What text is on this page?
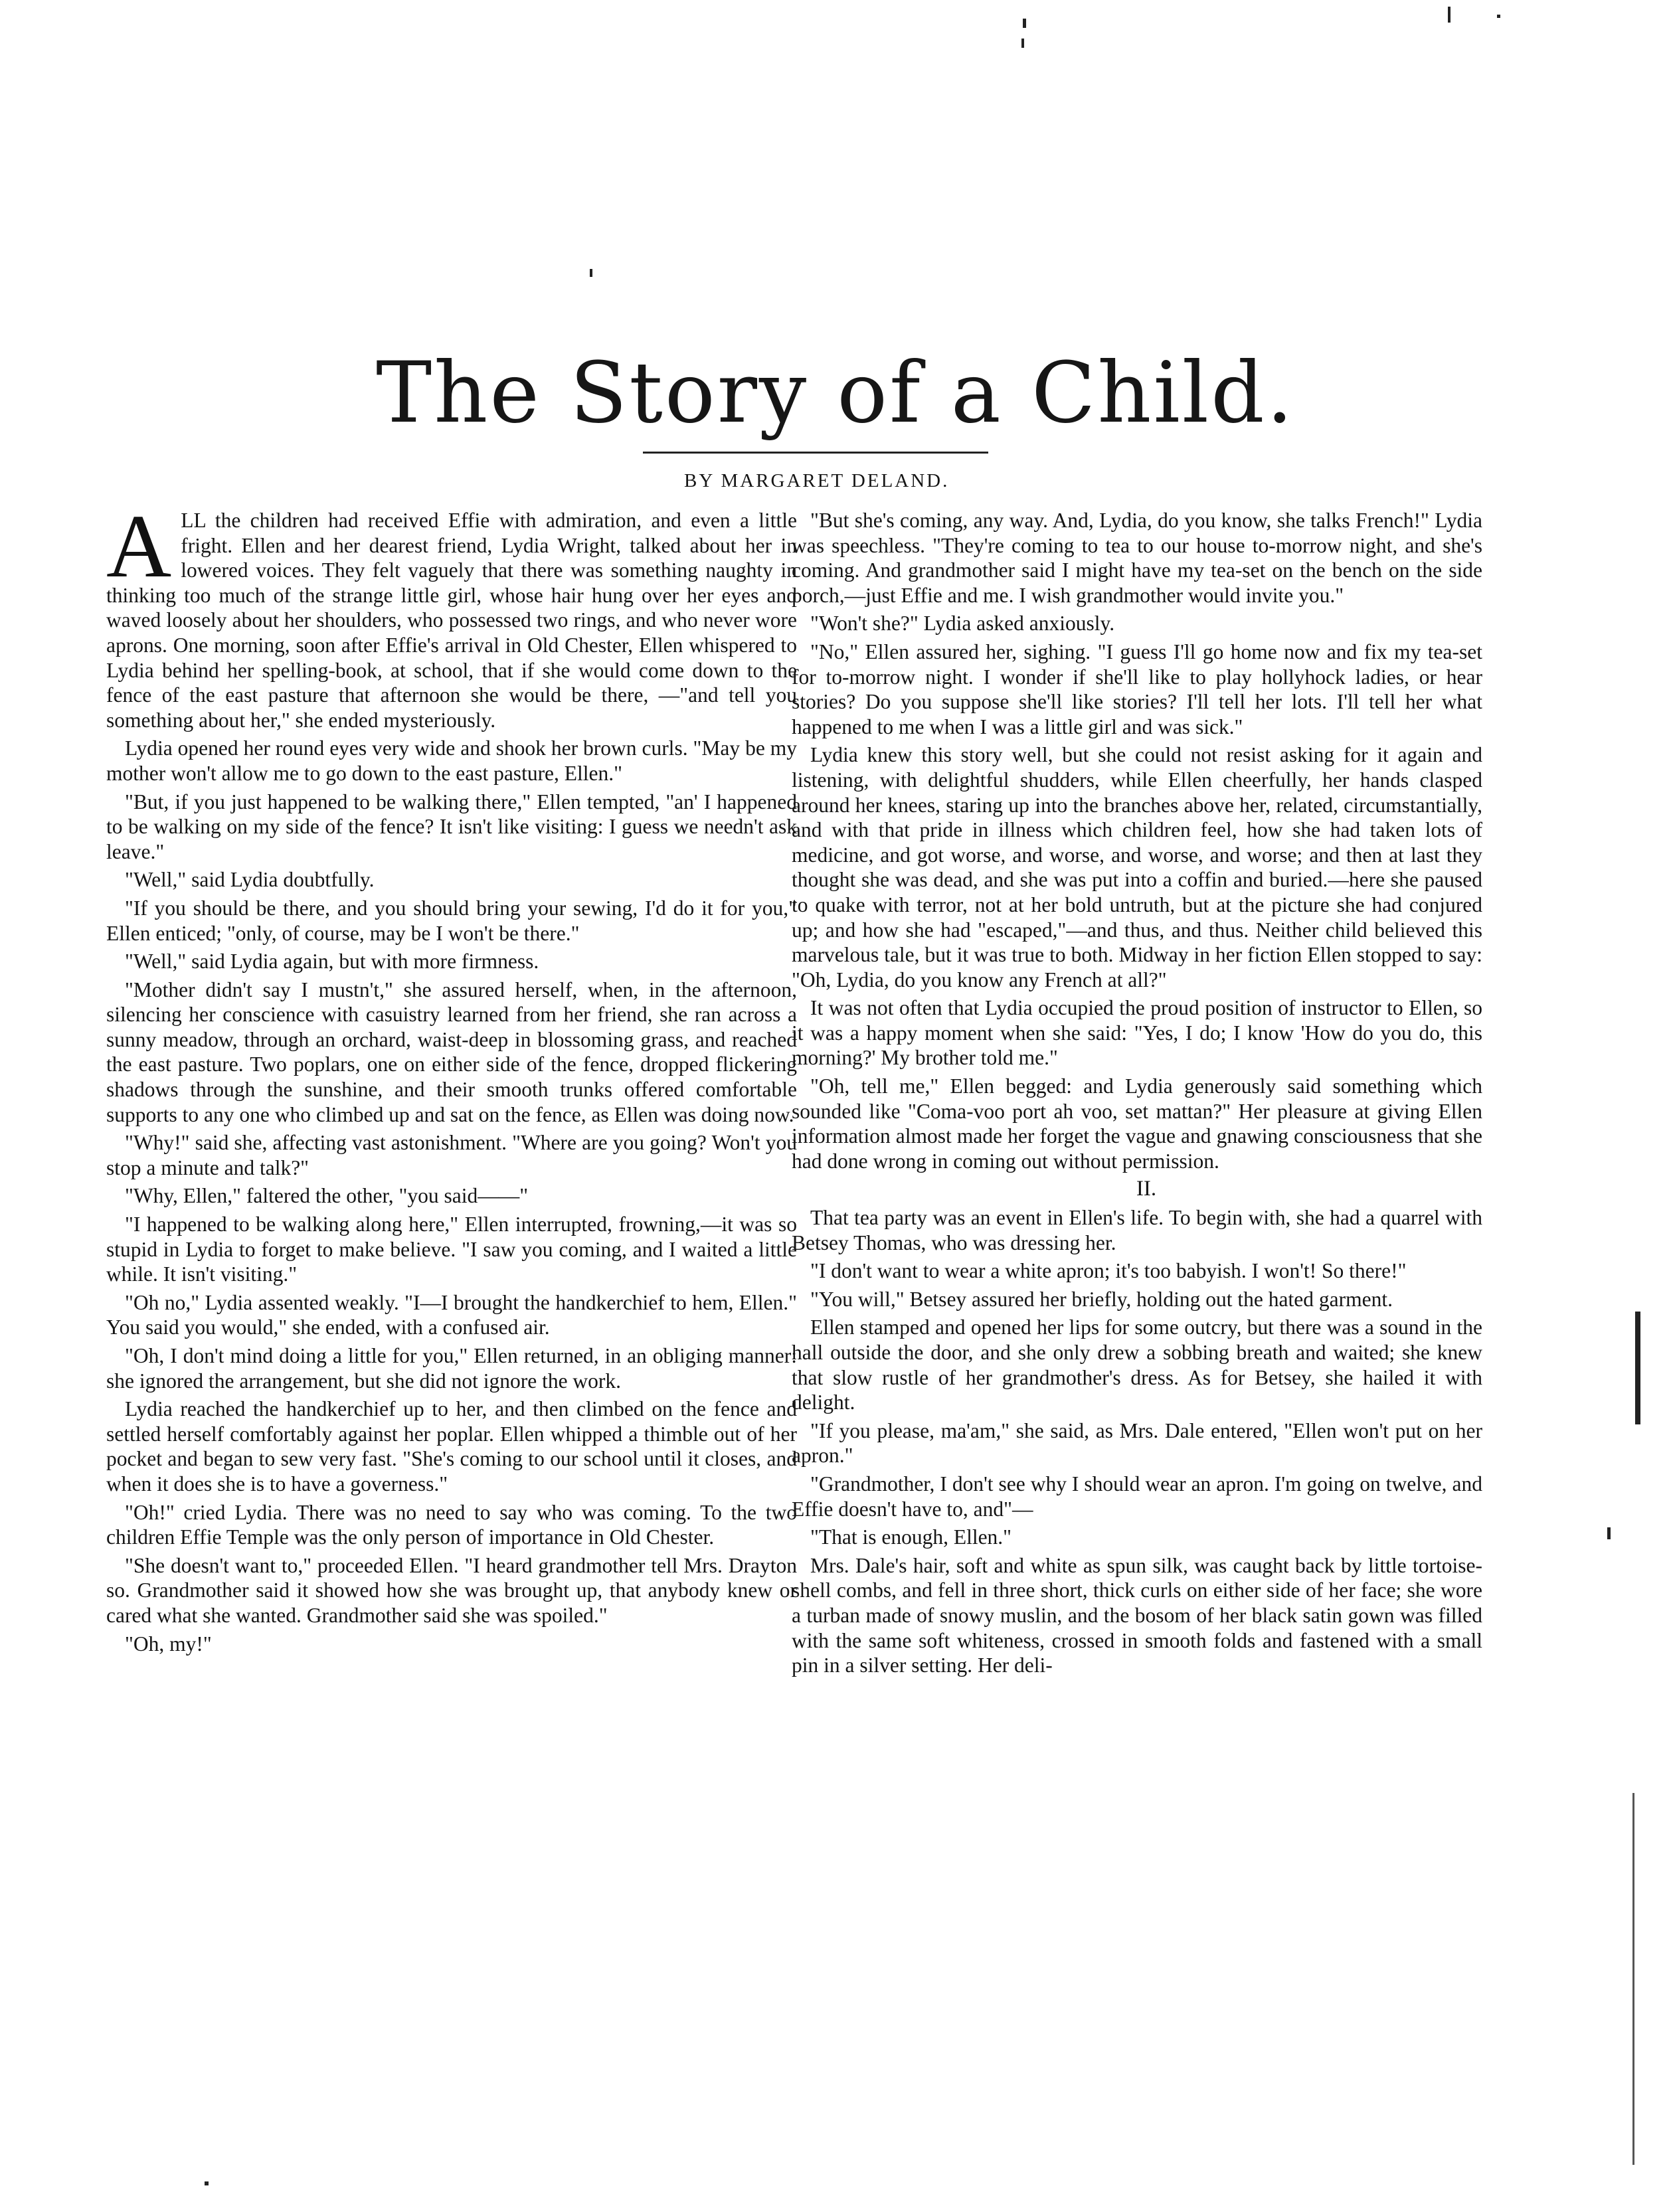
The Story of a Child.
BY MARGARET DELAND.

ALL the children had received Effie with admiration, and even a little fright. Ellen and her dearest friend, Lydia Wright, talked about her in lowered voices. They felt vaguely that there was something naughty in thinking too much of the strange little girl, whose hair hung over her eyes and waved loosely about her shoulders, who possessed two rings, and who never wore aprons. One morning, soon after Effie's arrival in Old Chester, Ellen whispered to Lydia behind her spelling-book, at school, that if she would come down to the fence of the east pasture that afternoon she would be there, —"and tell you something about her," she ended mysteriously.

Lydia opened her round eyes very wide and shook her brown curls. "May be my mother won't allow me to go down to the east pasture, Ellen."

"But, if you just happened to be walking there," Ellen tempted, "an' I happened to be walking on my side of the fence? It isn't like visiting: I guess we needn't ask leave."

"Well," said Lydia doubtfully.

"If you should be there, and you should bring your sewing, I'd do it for you," Ellen enticed; "only, of course, may be I won't be there."

"Well," said Lydia again, but with more firmness.

"Mother didn't say I mustn't," she assured herself, when, in the afternoon, silencing her conscience with casuistry learned from her friend, she ran across a sunny meadow, through an orchard, waist-deep in blossoming grass, and reached the east pasture. Two poplars, one on either side of the fence, dropped flickering shadows through the sunshine, and their smooth trunks offered comfortable supports to any one who climbed up and sat on the fence, as Ellen was doing now.

"Why!" said she, affecting vast astonishment. "Where are you going? Won't you stop a minute and talk?"

"Why, Ellen," faltered the other, "you said——"

"I happened to be walking along here," Ellen interrupted, frowning,—it was so stupid in Lydia to forget to make believe. "I saw you coming, and I waited a little while. It isn't visiting."

"Oh no," Lydia assented weakly. "I—I brought the handkerchief to hem, Ellen." You said you would," she ended, with a confused air.

"Oh, I don't mind doing a little for you," Ellen returned, in an obliging manner: she ignored the arrangement, but she did not ignore the work.

Lydia reached the handkerchief up to her, and then climbed on the fence and settled herself comfortably against her poplar. Ellen whipped a thimble out of her pocket and began to sew very fast. "She's coming to our school until it closes, and when it does she is to have a governess."

"Oh!" cried Lydia. There was no need to say who was coming. To the two children Effie Temple was the only person of importance in Old Chester.

"She doesn't want to," proceeded Ellen. "I heard grandmother tell Mrs. Drayton so. Grandmother said it showed how she was brought up, that anybody knew or cared what she wanted. Grandmother said she was spoiled."

"Oh, my!"

"But she's coming, any way. And, Lydia, do you know, she talks French!" Lydia was speechless. "They're coming to tea to our house to-morrow night, and she's coming. And grandmother said I might have my tea-set on the bench on the side porch,—just Effie and me. I wish grandmother would invite you."

"Won't she?" Lydia asked anxiously.

"No," Ellen assured her, sighing. "I guess I'll go home now and fix my tea-set for to-morrow night. I wonder if she'll like to play hollyhock ladies, or hear stories? Do you suppose she'll like stories? I'll tell her lots. I'll tell her what happened to me when I was a little girl and was sick."

Lydia knew this story well, but she could not resist asking for it again and listening, with delightful shudders, while Ellen cheerfully, her hands clasped around her knees, staring up into the branches above her, related, circumstantially, and with that pride in illness which children feel, how she had taken lots of medicine, and got worse, and worse, and worse, and worse; and then at last they thought she was dead, and she was put into a coffin and buried.—here she paused to quake with terror, not at her bold untruth, but at the picture she had conjured up; and how she had "escaped,"—and thus, and thus. Neither child believed this marvelous tale, but it was true to both. Midway in her fiction Ellen stopped to say: "Oh, Lydia, do you know any French at all?"

It was not often that Lydia occupied the proud position of instructor to Ellen, so it was a happy moment when she said: "Yes, I do; I know 'How do you do, this morning?' My brother told me."

"Oh, tell me," Ellen begged: and Lydia generously said something which sounded like "Coma-voo port ah voo, set mattan?" Her pleasure at giving Ellen information almost made her forget the vague and gnawing consciousness that she had done wrong in coming out without permission.

II.

That tea party was an event in Ellen's life. To begin with, she had a quarrel with Betsey Thomas, who was dressing her.

"I don't want to wear a white apron; it's too babyish. I won't! So there!"

"You will," Betsey assured her briefly, holding out the hated garment.

Ellen stamped and opened her lips for some outcry, but there was a sound in the hall outside the door, and she only drew a sobbing breath and waited; she knew that slow rustle of her grandmother's dress. As for Betsey, she hailed it with delight.

"If you please, ma'am," she said, as Mrs. Dale entered, "Ellen won't put on her apron."

"Grandmother, I don't see why I should wear an apron. I'm going on twelve, and Effie doesn't have to, and"—

"That is enough, Ellen."

Mrs. Dale's hair, soft and white as spun silk, was caught back by little tortoise-shell combs, and fell in three short, thick curls on either side of her face; she wore a turban made of snowy muslin, and the bosom of her black satin gown was filled with the same soft whiteness, crossed in smooth folds and fastened with a small pin in a silver setting. Her deli-
